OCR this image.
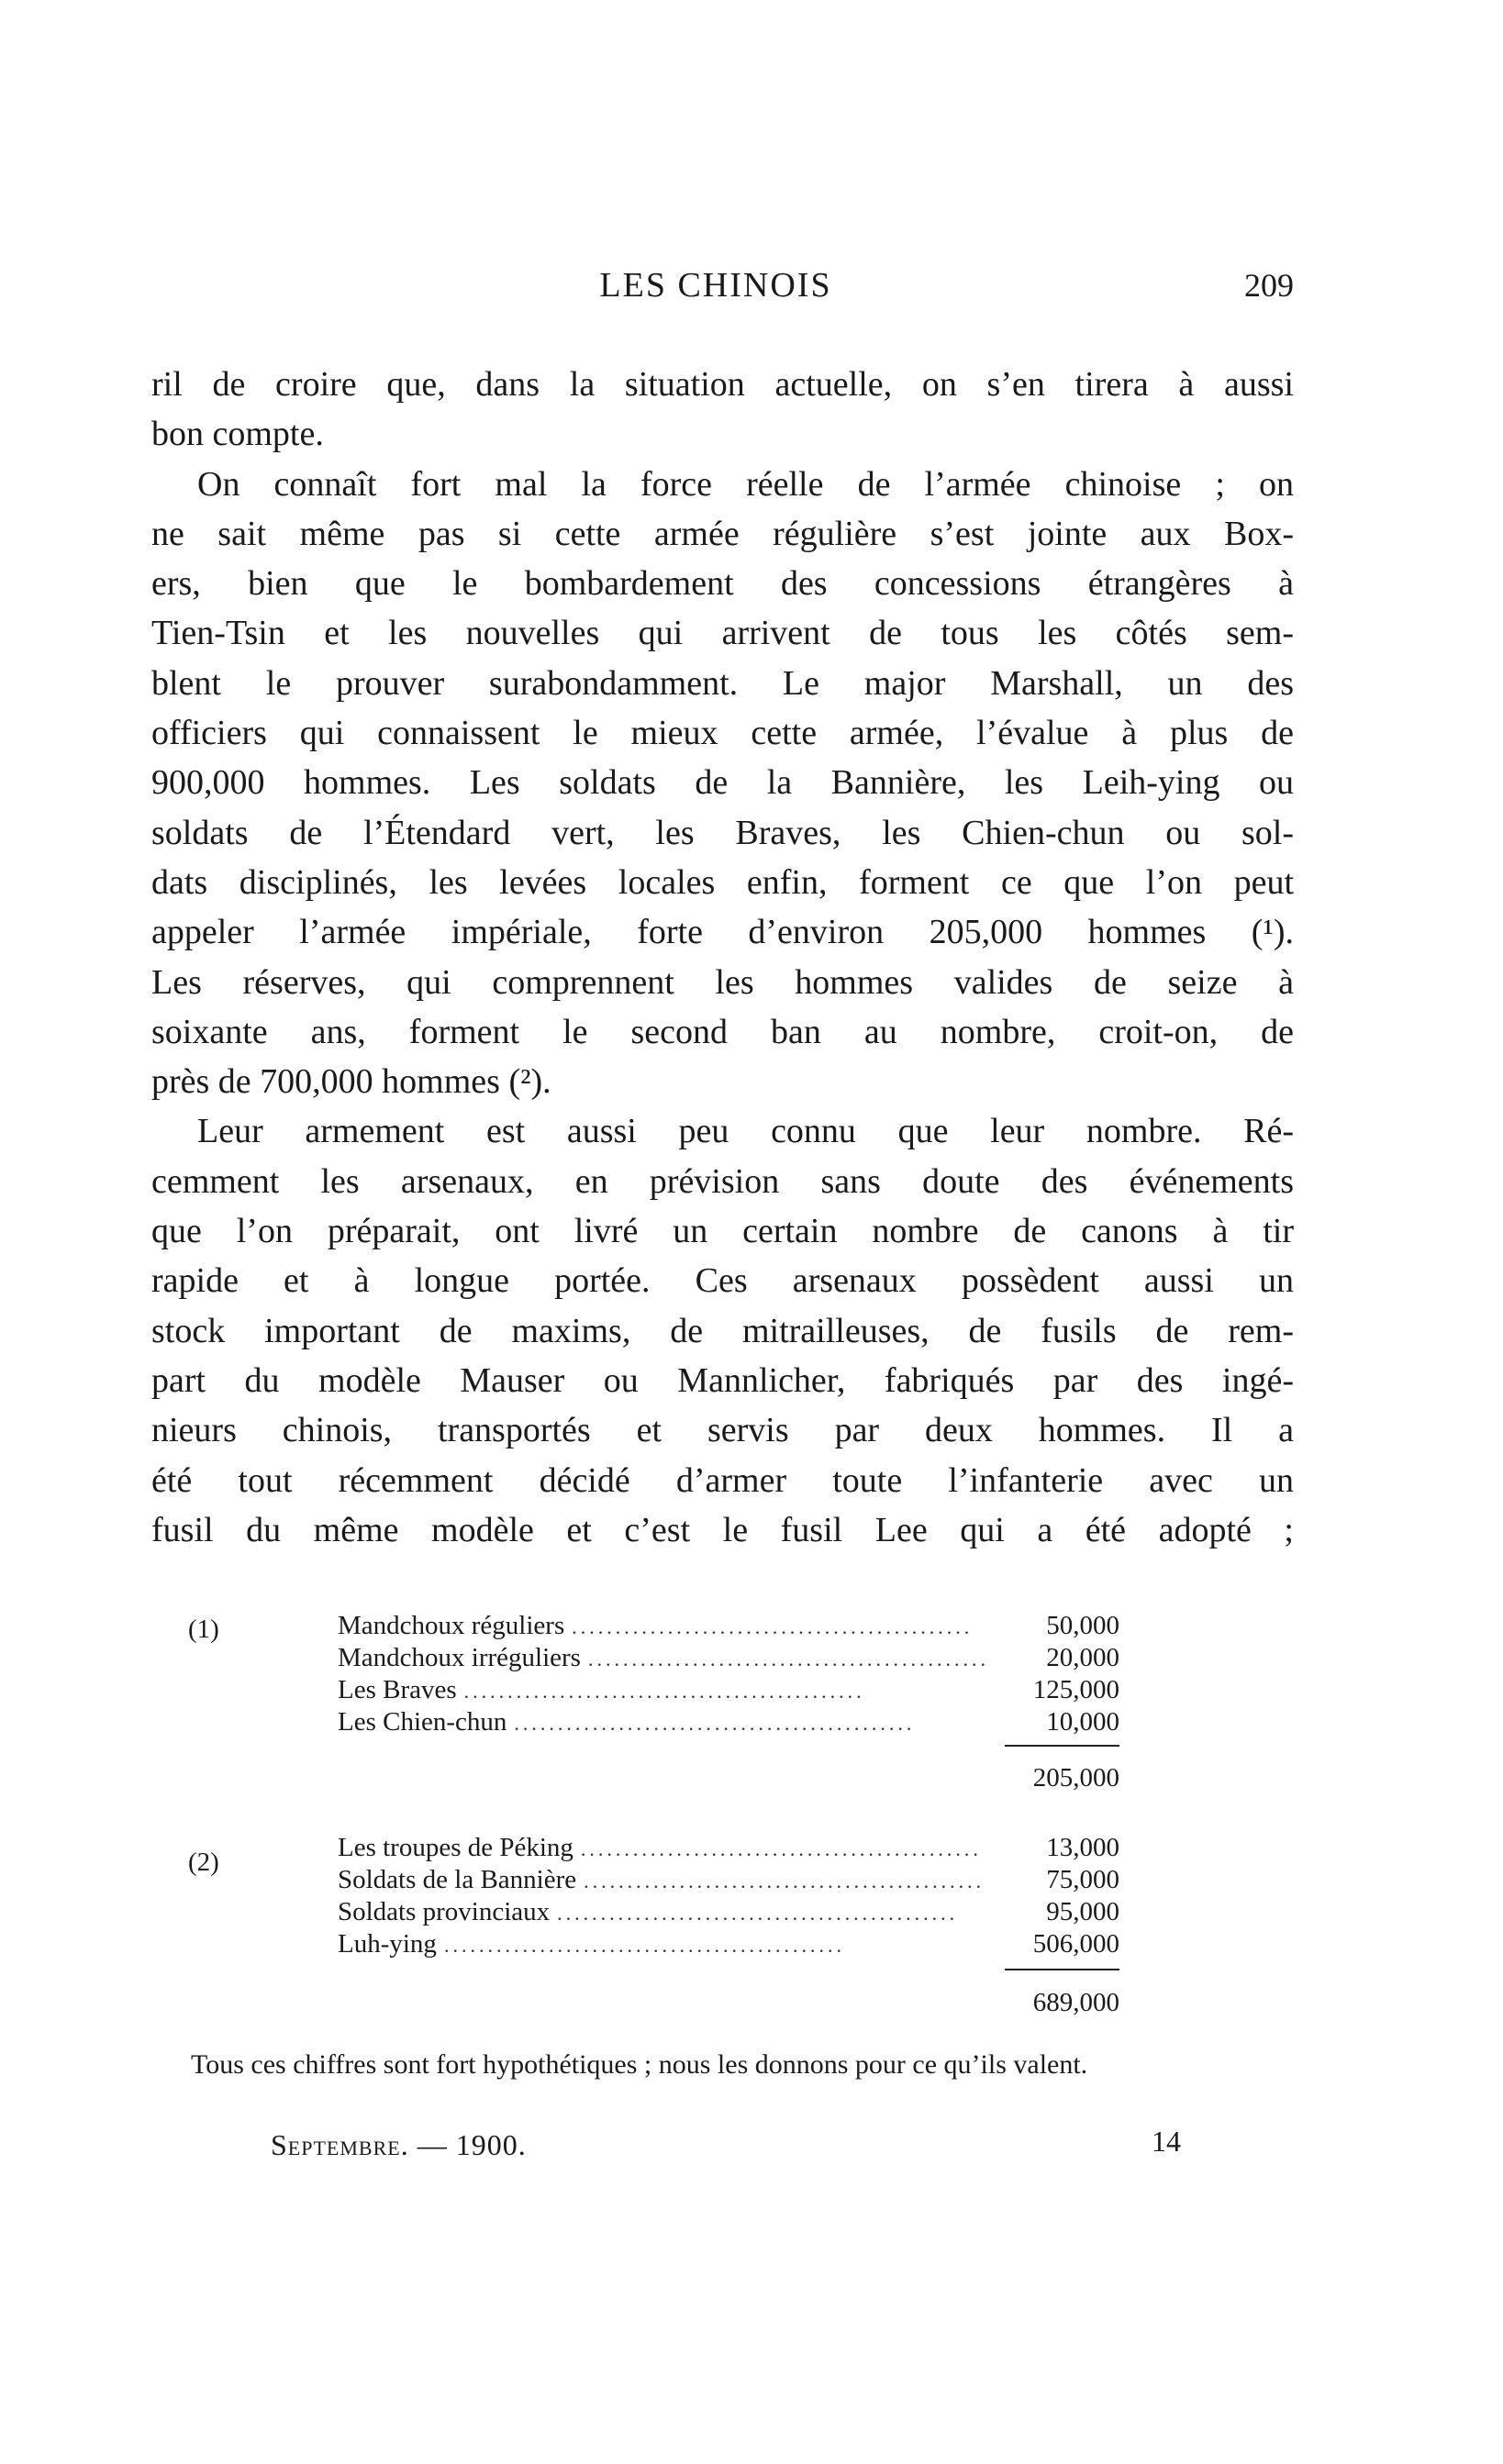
LES CHINOIS	209
ril de croire que, dans la situation actuelle, on s’en tirera à aussi
bon compte.
On connaît fort mal la force réelle de l’armée chinoise ; on
ne sait même pas si cette armée régulière s’est jointe aux Box-
ers, bien que le bombardement des concessions étrangères à
Tien-Tsin et les nouvelles qui arrivent de tous les côtés sem-
blent le prouver surabondamment. Le major Marshall, un des
officiers qui connaissent le mieux cette armée, l’évalue à plus de
900,000 hommes. Les soldats de la Bannière, les Leih-ying ou
soldats de l’Étendard vert, les Braves, les Chien-chun ou sol-
dats disciplinés, les levées locales enfin, forment ce que l’on peut
appeler l’armée impériale, forte d’environ 205,000 hommes (¹).
Les réserves, qui comprennent les hommes valides de seize à
soixante ans, forment le second ban au nombre, croit-on, de
près de 700,000 hommes (²).
Leur armement est aussi peu connu que leur nombre. Ré-
cemment les arsenaux, en prévision sans doute des événements
que l’on préparait, ont livré un certain nombre de canons à tir
rapide et à longue portée. Ces arsenaux possèdent aussi un
stock important de maxims, de mitrailleuses, de fusils de rem-
part du modèle Mauser ou Mannlicher, fabriqués par des ingé-
nieurs chinois, transportés et servis par deux hommes. Il a
été tout récemment décidé d’armer toute l’infanterie avec un
fusil du même modèle et c’est le fusil Lee qui a été adopté ;
(1)	Mandchoux réguliers ..............................................	50,000
Mandchoux irréguliers ..............................................	20,000
Les Braves ..............................................	125,000
Les Chien-chun ..............................................	10,000
205,000
(2)	Les troupes de Péking ..............................................	13,000
Soldats de la Bannière ..............................................	75,000
Soldats provinciaux ..............................................	95,000
Luh-ying ..............................................	506,000
689,000
Tous ces chiffres sont fort hypothétiques ; nous les donnons pour ce qu’ils valent.
Septembre. — 1900.	14
